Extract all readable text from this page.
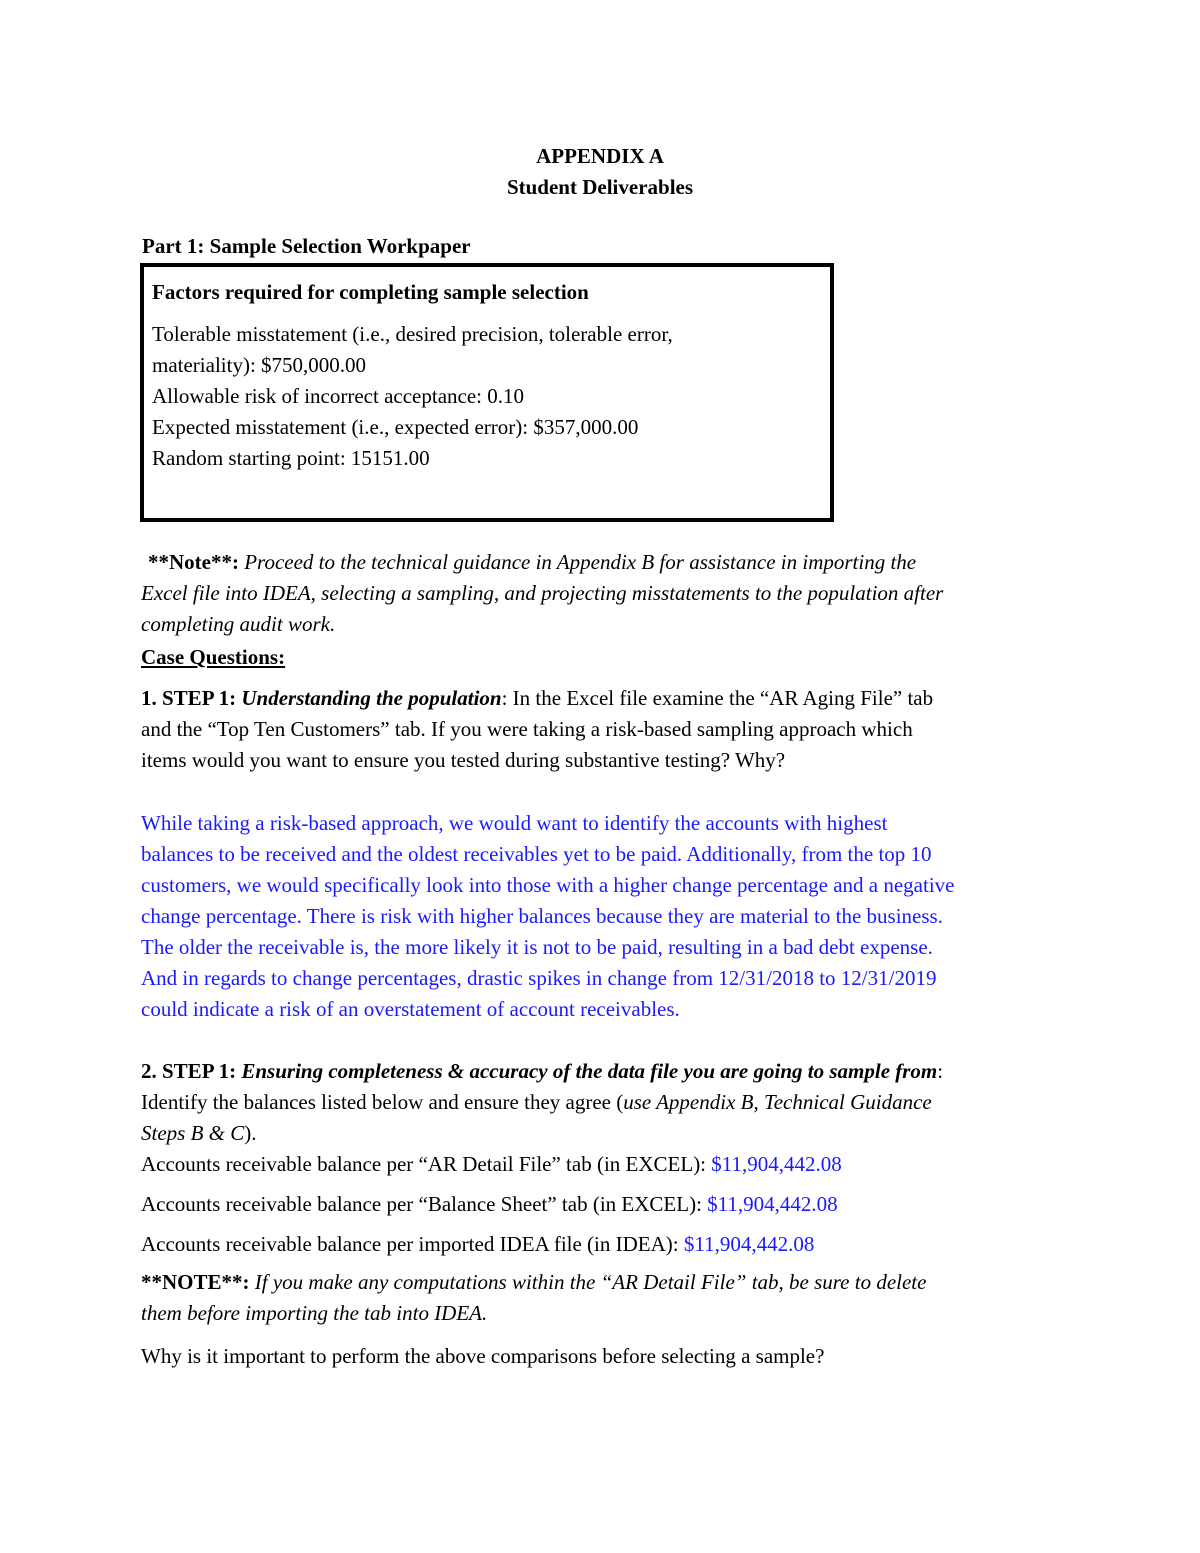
APPENDIX A
Student Deliverables
Part 1: Sample Selection Workpaper
Factors required for completing sample selection
Tolerable misstatement (i.e., desired precision, tolerable error,
materiality): $750,000.00
Allowable risk of incorrect acceptance: 0.10
Expected misstatement (i.e., expected error): $357,000.00
Random starting point: 15151.00
**Note**: Proceed to the technical guidance in Appendix B for assistance in importing the
Excel file into IDEA, selecting a sampling, and projecting misstatements to the population after
completing audit work.
Case Questions:
1. STEP 1: Understanding the population: In the Excel file examine the “AR Aging File” tab
and the “Top Ten Customers” tab. If you were taking a risk-based sampling approach which
items would you want to ensure you tested during substantive testing? Why?
While taking a risk-based approach, we would want to identify the accounts with highest
balances to be received and the oldest receivables yet to be paid. Additionally, from the top 10
customers, we would specifically look into those with a higher change percentage and a negative
change percentage. There is risk with higher balances because they are material to the business.
The older the receivable is, the more likely it is not to be paid, resulting in a bad debt expense.
And in regards to change percentages, drastic spikes in change from 12/31/2018 to 12/31/2019
could indicate a risk of an overstatement of account receivables.
2. STEP 1: Ensuring completeness & accuracy of the data file you are going to sample from:
Identify the balances listed below and ensure they agree (use Appendix B, Technical Guidance
Steps B & C).
Accounts receivable balance per “AR Detail File” tab (in EXCEL): $11,904,442.08
Accounts receivable balance per “Balance Sheet” tab (in EXCEL): $11,904,442.08
Accounts receivable balance per imported IDEA file (in IDEA): $11,904,442.08
**NOTE**: If you make any computations within the “AR Detail File” tab, be sure to delete
them before importing the tab into IDEA.
Why is it important to perform the above comparisons before selecting a sample?
